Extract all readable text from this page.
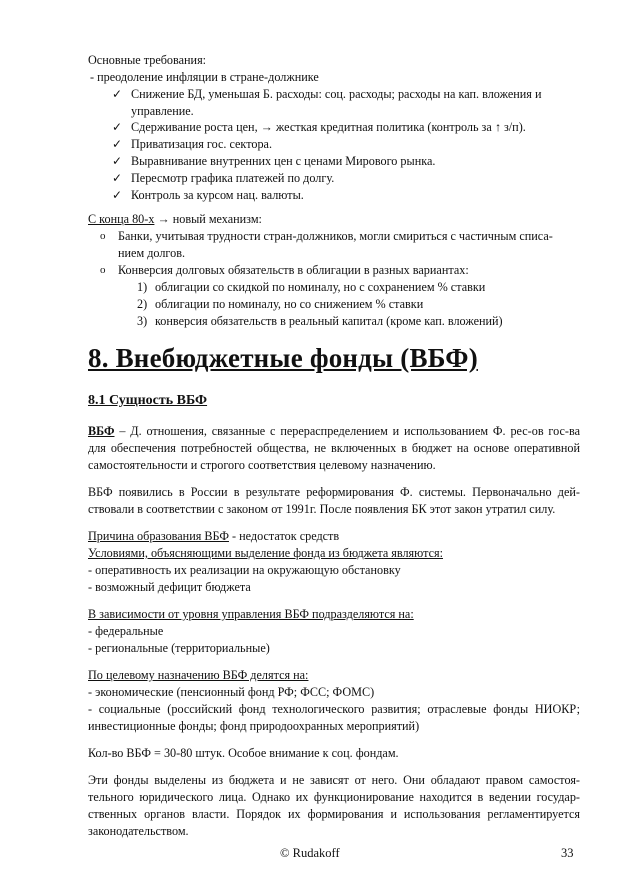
Основные требования:
- преодоление инфляции в стране-должнике
✓ Снижение БД, уменьшая Б. расходы: соц. расходы; расходы на кап. вложения и
управление.
✓ Сдерживание роста цен, → жесткая кредитная политика (контроль за ↑ з/п).
✓ Приватизация гос. сектора.
✓ Выравнивание внутренних цен с ценами Мирового рынка.
✓ Пересмотр графика платежей по долгу.
✓ Контроль за курсом нац. валюты.
С конца 80-х → новый механизм:
o Банки, учитывая трудности стран-должников, могли смириться с частичным списа-
нием долгов.
o Конверсия долговых обязательств в облигации в разных вариантах:
1) облигации со скидкой по номиналу, но с сохранением % ставки
2) облигации по номиналу, но со снижением % ставки
3) конверсия обязательств в реальный капитал (кроме кап. вложений)
8. Внебюджетные фонды (ВБФ)
8.1 Сущность ВБФ
ВБФ – Д. отношения, связанные с перераспределением и использованием Ф. рес-ов гос-ва
для обеспечения потребностей общества, не включенных в бюджет на основе оперативной
самостоятельности и строгого соответствия целевому назначению.
ВБФ появились в России в результате реформирования Ф. системы. Первоначально дей-
ствовали в соответствии с законом от 1991г. После появления БК этот закон утратил силу.
Причина образования ВБФ - недостаток средств
Условиями, объясняющими выделение фонда из бюджета являются:
- оперативность их реализации на окружающую обстановку
- возможный дефицит бюджета
В зависимости от уровня управления ВБФ подразделяются на:
- федеральные
- региональные (территориальные)
По целевому назначению ВБФ делятся на:
- экономические (пенсионный фонд РФ; ФСС; ФОМС)
- социальные (российский фонд технологического развития; отраслевые фонды НИОКР;
инвестиционные фонды; фонд природоохранных мероприятий)
Кол-во ВБФ = 30-80 штук. Особое внимание к соц. фондам.
Эти фонды выделены из бюджета и не зависят от него. Они обладают правом самостоя-
тельного юридического лица. Однако их функционирование находится в ведении государ-
ственных органов власти. Порядок их формирования и использования регламентируется
законодательством.
© Rudakoff	33
